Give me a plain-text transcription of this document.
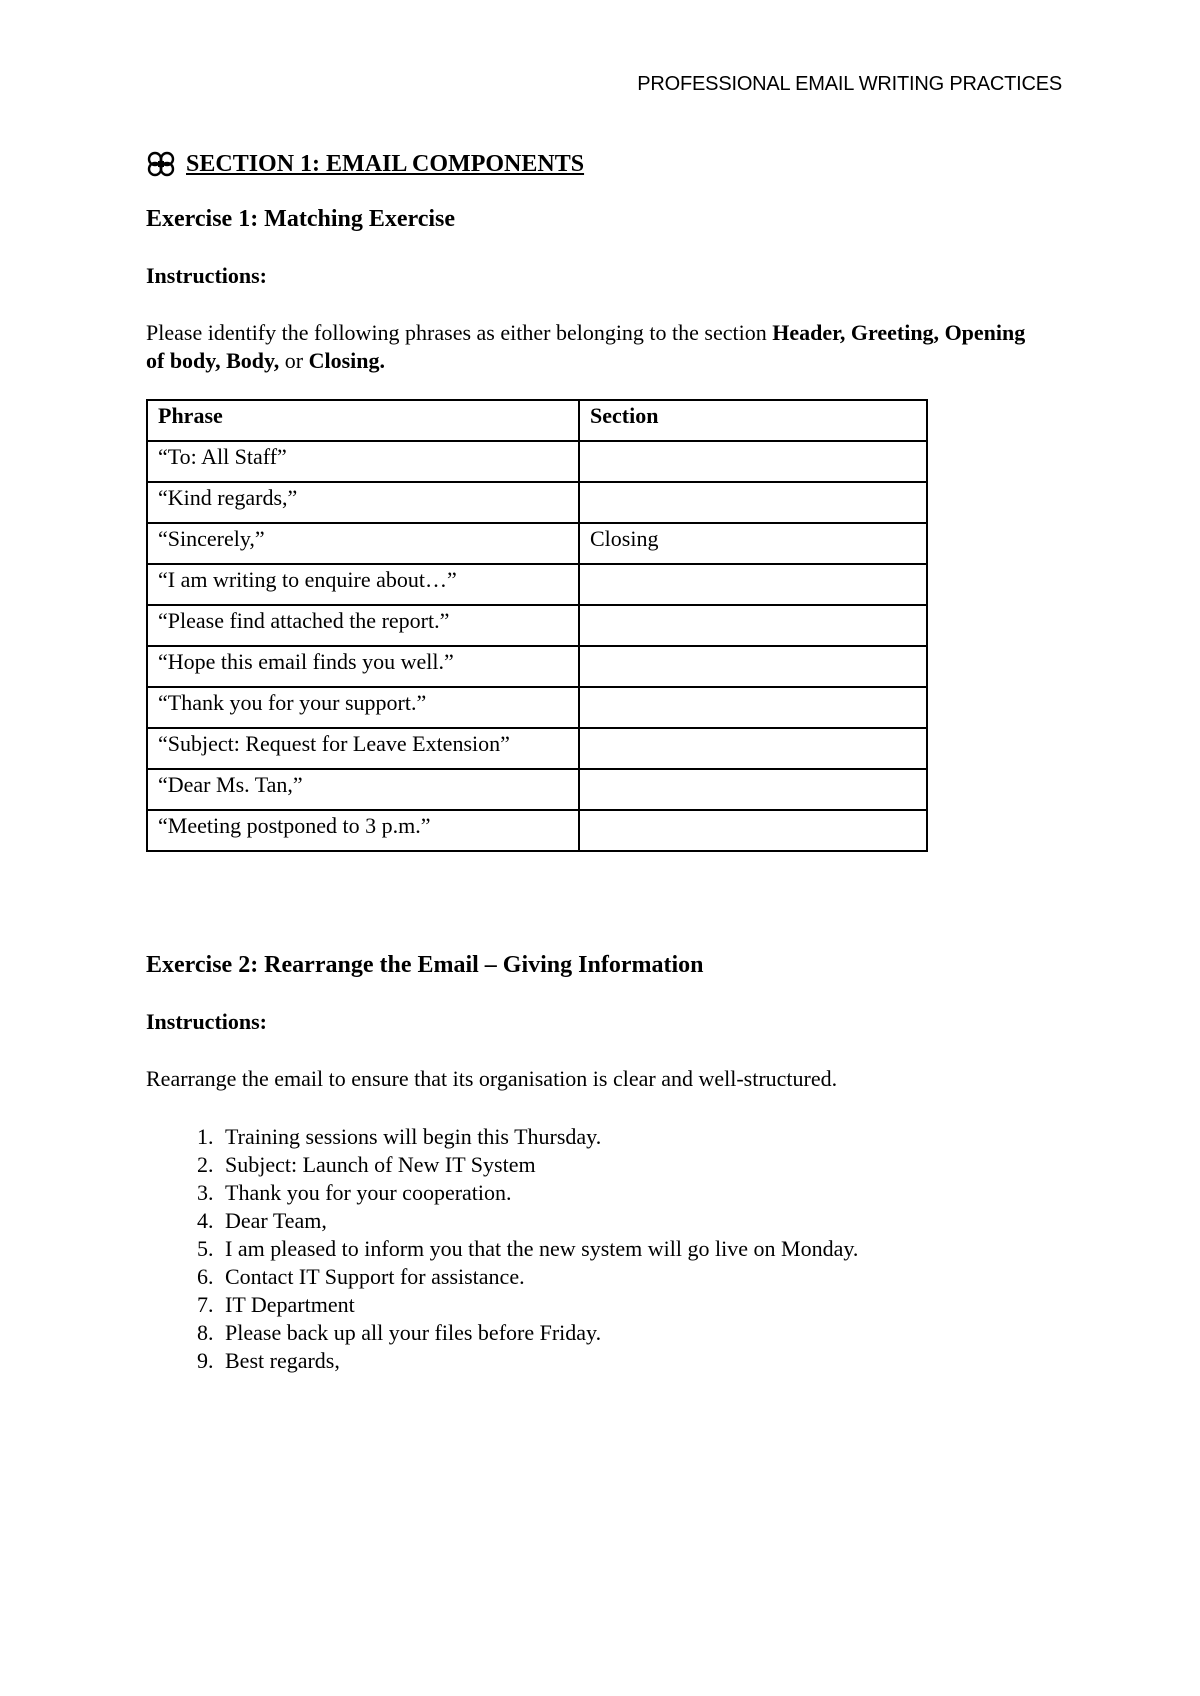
PROFESSIONAL EMAIL WRITING PRACTICES
SECTION 1: EMAIL COMPONENTS
Exercise 1: Matching Exercise

Instructions:

Please identify the following phrases as either belonging to the section Header, Greeting, Opening of body, Body, or Closing.

Phrase	Section
“To: All Staff”	
“Kind regards,”	
“Sincerely,”	Closing
“I am writing to enquire about…”	
“Please find attached the report.”	
“Hope this email finds you well.”	
“Thank you for your support.”	
“Subject: Request for Leave Extension”	
“Dear Ms. Tan,”	
“Meeting postponed to 3 p.m.”	
Exercise 2: Rearrange the Email – Giving Information

Instructions:

Rearrange the email to ensure that its organisation is clear and well-structured.

1. Training sessions will begin this Thursday.
2. Subject: Launch of New IT System
3. Thank you for your cooperation.
4. Dear Team,
5. I am pleased to inform you that the new system will go live on Monday.
6. Contact IT Support for assistance.
7. IT Department
8. Please back up all your files before Friday.
9. Best regards,
